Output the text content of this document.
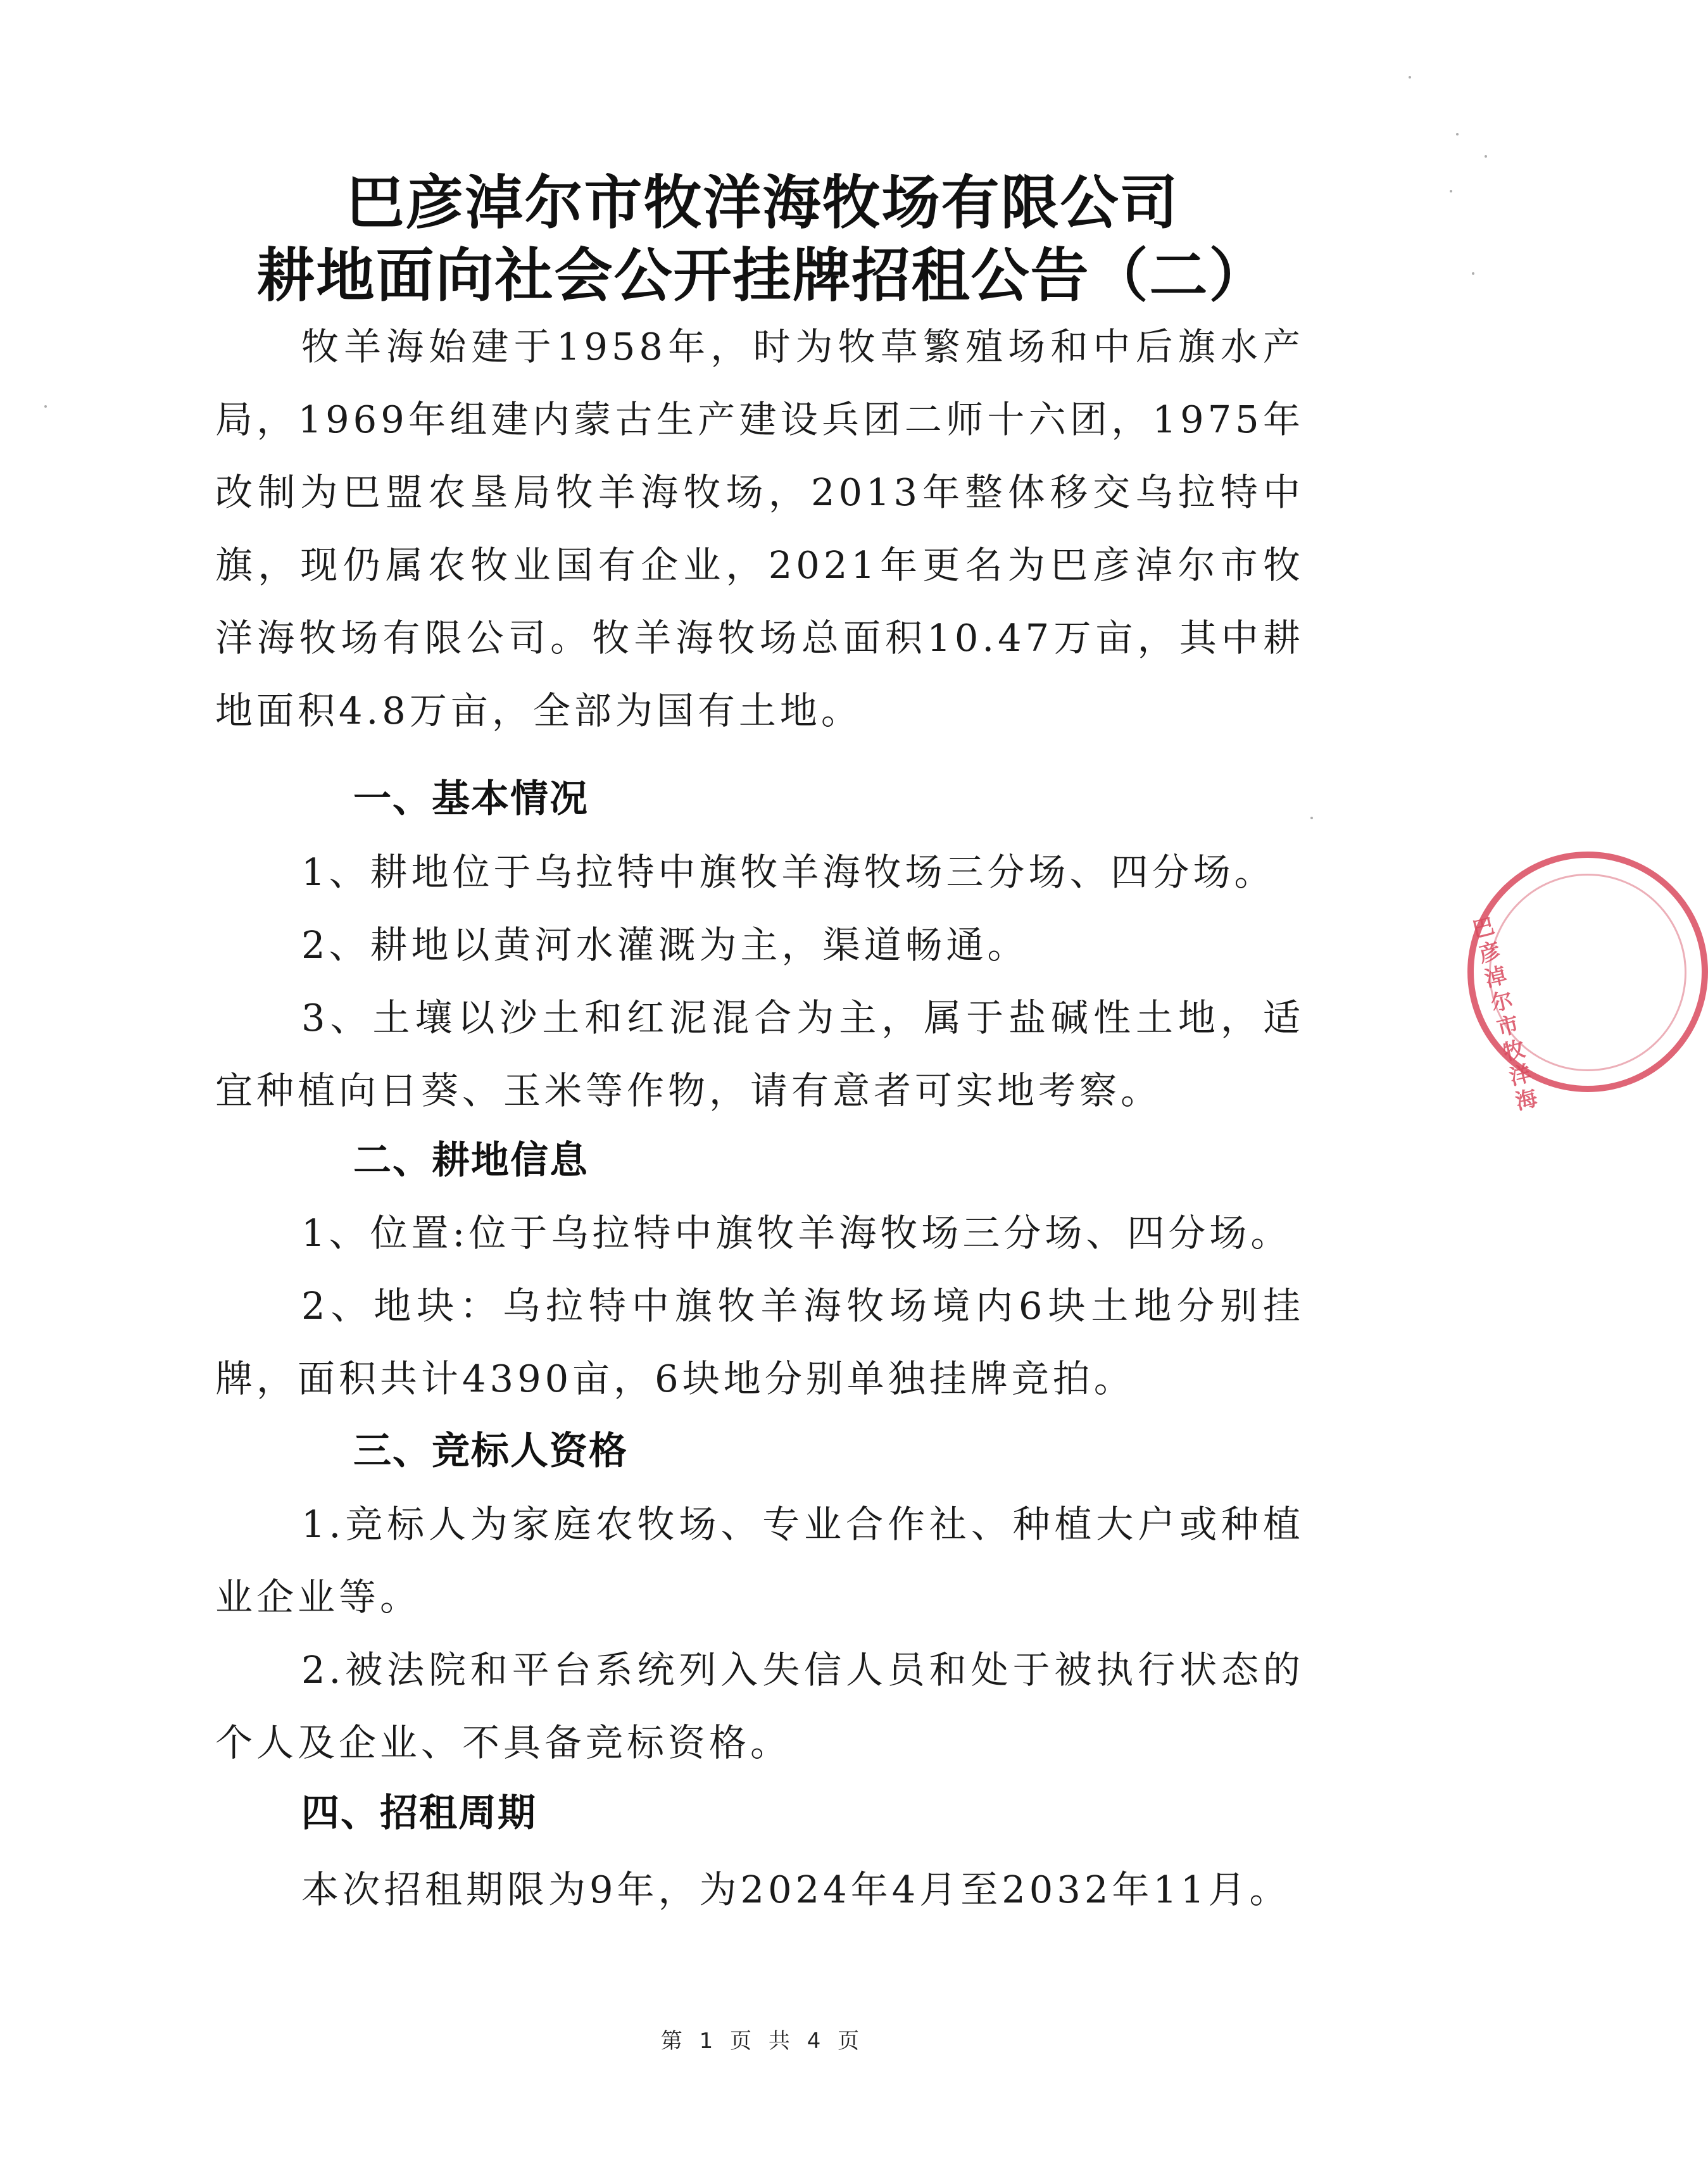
巴彦淖尔市牧洋海牧场有限公司
耕地面向社会公开挂牌招租公告（二）

牧羊海始建于1958年，时为牧草繁殖场和中后旗水产局，1969年组建内蒙古生产建设兵团二师十六团，1975年改制为巴盟农垦局牧羊海牧场，2013年整体移交乌拉特中旗，现仍属农牧业国有企业，2021年更名为巴彦淖尔市牧洋海牧场有限公司。牧羊海牧场总面积10.47万亩，其中耕地面积4.8万亩，全部为国有土地。

一、基本情况

1、耕地位于乌拉特中旗牧羊海牧场三分场、四分场。

2、耕地以黄河水灌溉为主，渠道畅通。

3、土壤以沙土和红泥混合为主，属于盐碱性土地，适宜种植向日葵、玉米等作物，请有意者可实地考察。

二、耕地信息

1、位置:位于乌拉特中旗牧羊海牧场三分场、四分场。

2、地块：乌拉特中旗牧羊海牧场境内6块土地分别挂牌，面积共计4390亩，6块地分别单独挂牌竞拍。

三、竞标人资格

1.竞标人为家庭农牧场、专业合作社、种植大户或种植业企业等。

2.被法院和平台系统列入失信人员和处于被执行状态的个人及企业、不具备竞标资格。

四、招租周期

本次招租期限为9年，为2024年4月至2032年11月。

第 1 页 共 4 页
巴彦淖尔市牧洋海
